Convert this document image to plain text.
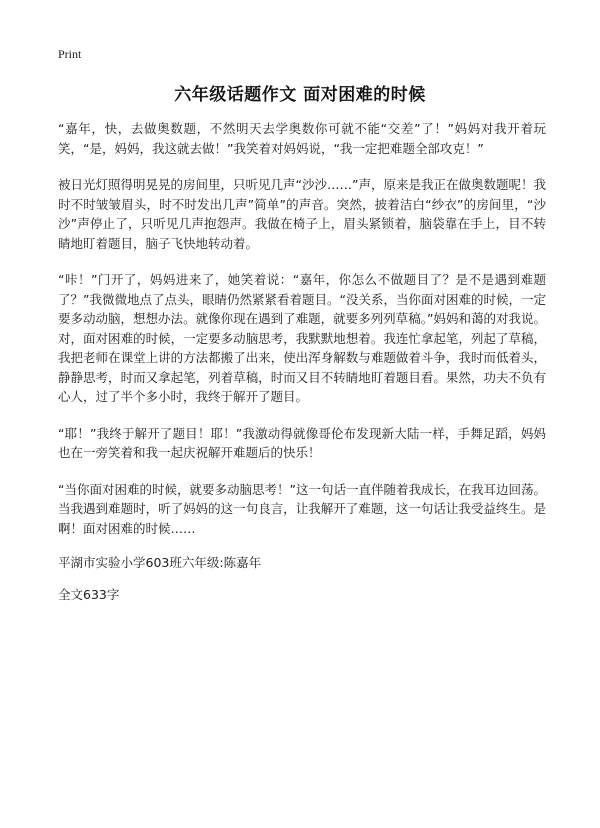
Print
六年级话题作文 面对困难的时候

“嘉年，快，去做奥数题，不然明天去学奥数你可就不能“交差”了！”妈妈对我开着玩笑，“是，妈妈，我这就去做！”我笑着对妈妈说，“我一定把难题全部攻克！”

被日光灯照得明晃晃的房间里，只听见几声“沙沙……”声，原来是我正在做奥数题呢！我时不时皱皱眉头，时不时发出几声”简单”的声音。突然，披着洁白“纱衣”的房间里，“沙沙”声停止了，只听见几声抱怨声。我做在椅子上，眉头紧锁着，脑袋靠在手上，目不转睛地盯着题目，脑子飞快地转动着。

“咔！”门开了，妈妈进来了，她笑着说：“嘉年，你怎么不做题目了？是不是遇到难题了？”我微微地点了点头，眼睛仍然紧紧看着题目。“没关系，当你面对困难的时候，一定要多动动脑，想想办法。就像你现在遇到了难题，就要多列列草稿。”妈妈和蔼的对我说。对，面对困难的时候，一定要多动脑思考，我默默地想着。我连忙拿起笔，列起了草稿，我把老师在课堂上讲的方法都搬了出来，使出浑身解数与难题做着斗争，我时而低着头，静静思考，时而又拿起笔，列着草稿，时而又目不转睛地盯着题目看。果然，功夫不负有心人，过了半个多小时，我终于解开了题目。

“耶！”我终于解开了题目！耶！”我激动得就像哥伦布发现新大陆一样，手舞足蹈，妈妈也在一旁笑着和我一起庆祝解开难题后的快乐！

“当你面对困难的时候，就要多动脑思考！”这一句话一直伴随着我成长，在我耳边回荡。当我遇到难题时，听了妈妈的这一句良言，让我解开了难题，这一句话让我受益终生。是啊！面对困难的时候……

平湖市实验小学603班六年级:陈嘉年

全文633字
